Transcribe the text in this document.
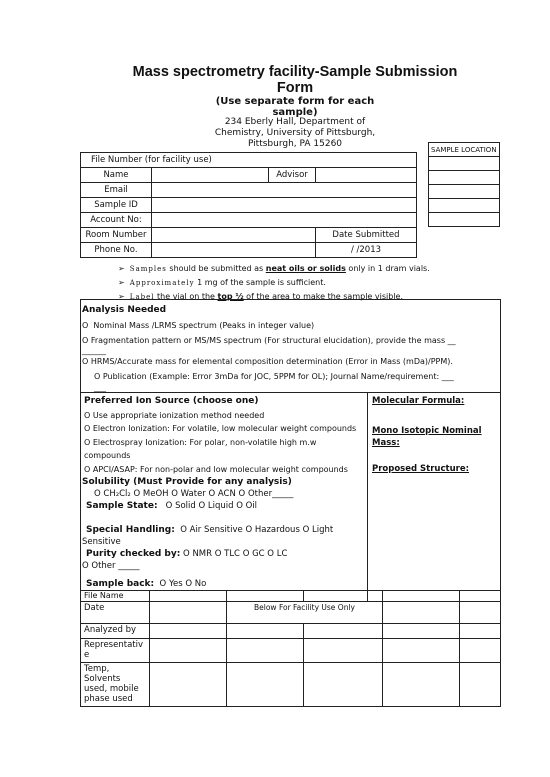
Mass spectrometry facility-Sample Submission
Form
(Use separate form for each
sample)
234 Eberly Hall, Department of
Chemistry, University of Pittsburgh,
Pittsburgh, PA 15260
File Number (for facility use)			
Name		Advisor	
Email			
Sample ID			
Account No:			
Room Number			Date Submitted
Phone No.			/ /2013
SAMPLE LOCATION

➢  Samples should be submitted as neat oils or solids only in 1 dram vials.
➢  Approximately 1 mg of the sample is sufficient.
➢  Label the vial on the top ½ of the area to make the sample visible.
Analysis Needed
O Nominal Mass /LRMS spectrum (Peaks in integer value)
O Fragmentation pattern or MS/MS spectrum (For structural elucidation), provide the mass __
______
O HRMS/Accurate mass for elemental composition determination (Error in Mass (mDa)/PPM).
O Publication (Example: Error 3mDa for JOC, 5PPM for OL); Journal Name/requirement: ___
___
Preferred Ion Source (choose one)
O Use appropriate ionization method needed
O Electron Ionization: For volatile, low molecular weight compounds
O Electrospray Ionization: For polar, non-volatile high m.w
compounds
O APCI/ASAP: For non-polar and low molecular weight compounds
Molecular Formula:
Mono Isotopic Nominal Mass:
Proposed Structure:
Solubility (Must Provide for any analysis)
O CH₂Cl₂ O MeOH O Water O ACN O Other_____
Sample State: O Solid O Liquid O Oil
Special Handling: O Air Sensitive O Hazardous O Light Sensitive
Purity checked by: O NMR O TLC O GC O LC
O Other _____
Sample back: O Yes O No
File Name					
Date		Below For Facility Use Only			
Analyzed by					
Representative					
Temp, Solvents used, mobile phase used					
